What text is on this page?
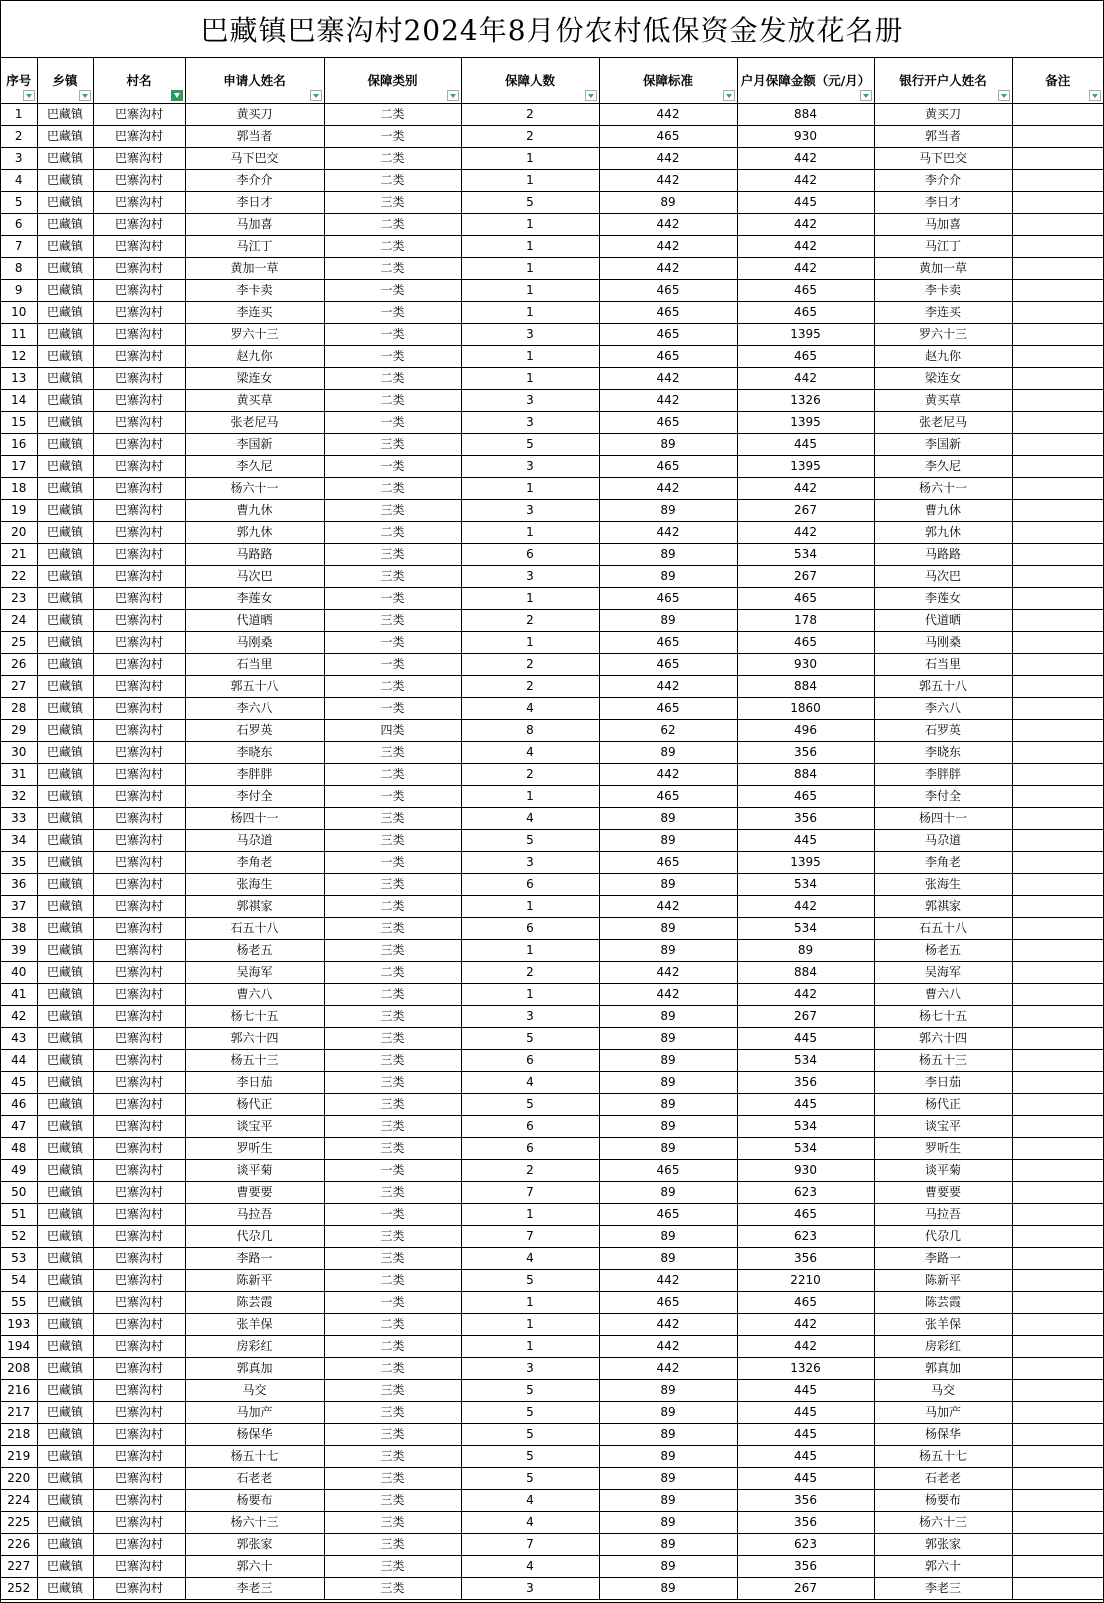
巴藏镇巴寨沟村2024年8月份农村低保资金发放花名册
序号	乡镇	村名	申请人姓名	保障类别	保障人数	保障标准	户月保障金额（元/月）	银行开户人姓名	备注

1	巴藏镇	巴寨沟村	黄买刀	二类	2	442	884	黄买刀	
2	巴藏镇	巴寨沟村	郭当者	一类	2	465	930	郭当者	
3	巴藏镇	巴寨沟村	马下巴交	二类	1	442	442	马下巴交	
4	巴藏镇	巴寨沟村	李介介	二类	1	442	442	李介介	
5	巴藏镇	巴寨沟村	李日才	三类	5	89	445	李日才	
6	巴藏镇	巴寨沟村	马加喜	二类	1	442	442	马加喜	
7	巴藏镇	巴寨沟村	马江丁	二类	1	442	442	马江丁	
8	巴藏镇	巴寨沟村	黄加一草	二类	1	442	442	黄加一草	
9	巴藏镇	巴寨沟村	李卡卖	一类	1	465	465	李卡卖	
10	巴藏镇	巴寨沟村	李连买	一类	1	465	465	李连买	
11	巴藏镇	巴寨沟村	罗六十三	一类	3	465	1395	罗六十三	
12	巴藏镇	巴寨沟村	赵九你	一类	1	465	465	赵九你	
13	巴藏镇	巴寨沟村	梁连女	二类	1	442	442	梁连女	
14	巴藏镇	巴寨沟村	黄买草	二类	3	442	1326	黄买草	
15	巴藏镇	巴寨沟村	张老尼马	一类	3	465	1395	张老尼马	
16	巴藏镇	巴寨沟村	李国新	三类	5	89	445	李国新	
17	巴藏镇	巴寨沟村	李久尼	一类	3	465	1395	李久尼	
18	巴藏镇	巴寨沟村	杨六十一	二类	1	442	442	杨六十一	
19	巴藏镇	巴寨沟村	曹九休	三类	3	89	267	曹九休	
20	巴藏镇	巴寨沟村	郭九休	二类	1	442	442	郭九休	
21	巴藏镇	巴寨沟村	马路路	三类	6	89	534	马路路	
22	巴藏镇	巴寨沟村	马次巴	三类	3	89	267	马次巴	
23	巴藏镇	巴寨沟村	李莲女	一类	1	465	465	李莲女	
24	巴藏镇	巴寨沟村	代道晒	三类	2	89	178	代道晒	
25	巴藏镇	巴寨沟村	马刚桑	一类	1	465	465	马刚桑	
26	巴藏镇	巴寨沟村	石当里	一类	2	465	930	石当里	
27	巴藏镇	巴寨沟村	郭五十八	二类	2	442	884	郭五十八	
28	巴藏镇	巴寨沟村	李六八	一类	4	465	1860	李六八	
29	巴藏镇	巴寨沟村	石罗英	四类	8	62	496	石罗英	
30	巴藏镇	巴寨沟村	李晓东	三类	4	89	356	李晓东	
31	巴藏镇	巴寨沟村	李胖胖	二类	2	442	884	李胖胖	
32	巴藏镇	巴寨沟村	李付全	一类	1	465	465	李付全	
33	巴藏镇	巴寨沟村	杨四十一	三类	4	89	356	杨四十一	
34	巴藏镇	巴寨沟村	马尕道	三类	5	89	445	马尕道	
35	巴藏镇	巴寨沟村	李角老	一类	3	465	1395	李角老	
36	巴藏镇	巴寨沟村	张海生	三类	6	89	534	张海生	
37	巴藏镇	巴寨沟村	郭祺家	二类	1	442	442	郭祺家	
38	巴藏镇	巴寨沟村	石五十八	三类	6	89	534	石五十八	
39	巴藏镇	巴寨沟村	杨老五	三类	1	89	89	杨老五	
40	巴藏镇	巴寨沟村	吴海军	二类	2	442	884	吴海军	
41	巴藏镇	巴寨沟村	曹六八	二类	1	442	442	曹六八	
42	巴藏镇	巴寨沟村	杨七十五	三类	3	89	267	杨七十五	
43	巴藏镇	巴寨沟村	郭六十四	三类	5	89	445	郭六十四	
44	巴藏镇	巴寨沟村	杨五十三	三类	6	89	534	杨五十三	
45	巴藏镇	巴寨沟村	李日茄	三类	4	89	356	李日茄	
46	巴藏镇	巴寨沟村	杨代正	三类	5	89	445	杨代正	
47	巴藏镇	巴寨沟村	谈宝平	三类	6	89	534	谈宝平	
48	巴藏镇	巴寨沟村	罗听生	三类	6	89	534	罗听生	
49	巴藏镇	巴寨沟村	谈平菊	一类	2	465	930	谈平菊	
50	巴藏镇	巴寨沟村	曹要要	三类	7	89	623	曹要要	
51	巴藏镇	巴寨沟村	马拉吾	一类	1	465	465	马拉吾	
52	巴藏镇	巴寨沟村	代尕几	三类	7	89	623	代尕几	
53	巴藏镇	巴寨沟村	李路一	三类	4	89	356	李路一	
54	巴藏镇	巴寨沟村	陈新平	二类	5	442	2210	陈新平	
55	巴藏镇	巴寨沟村	陈芸霞	一类	1	465	465	陈芸霞	
193	巴藏镇	巴寨沟村	张羊保	二类	1	442	442	张羊保	
194	巴藏镇	巴寨沟村	房彩红	二类	1	442	442	房彩红	
208	巴藏镇	巴寨沟村	郭真加	二类	3	442	1326	郭真加	
216	巴藏镇	巴寨沟村	马交	三类	5	89	445	马交	
217	巴藏镇	巴寨沟村	马加产	三类	5	89	445	马加产	
218	巴藏镇	巴寨沟村	杨保华	三类	5	89	445	杨保华	
219	巴藏镇	巴寨沟村	杨五十七	三类	5	89	445	杨五十七	
220	巴藏镇	巴寨沟村	石老老	三类	5	89	445	石老老	
224	巴藏镇	巴寨沟村	杨要布	三类	4	89	356	杨要布	
225	巴藏镇	巴寨沟村	杨六十三	三类	4	89	356	杨六十三	
226	巴藏镇	巴寨沟村	郭张家	三类	7	89	623	郭张家	
227	巴藏镇	巴寨沟村	郭六十	三类	4	89	356	郭六十	
252	巴藏镇	巴寨沟村	李老三	三类	3	89	267	李老三	
